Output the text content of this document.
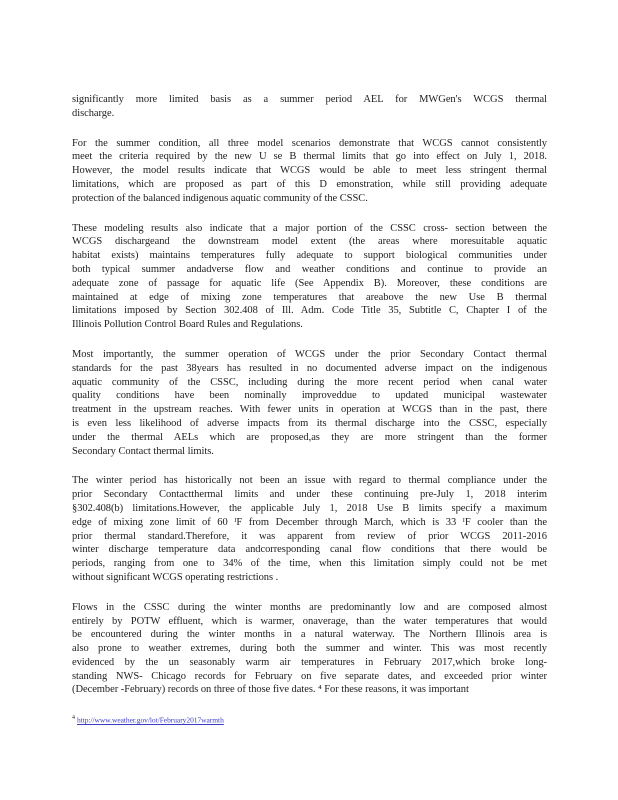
significantly more limited basis as a summer period AEL for MWGen's WCGS thermal
discharge.
For the summer condition, all three model scenarios demonstrate that WCGS cannot consistently
meet the criteria required by the new U se B thermal limits that go into effect on July 1, 2018.
However, the model results indicate that WCGS would be able to meet less stringent thermal
limitations, which are proposed as part of this D emonstration, while still providing adequate
protection of the balanced indigenous aquatic community of the CSSC.
These modeling results also indicate that a major portion of the CSSC cross- section between the
WCGS dischargeand the downstream model extent (the areas where moresuitable aquatic
habitat exists) maintains temperatures fully adequate to support biological communities under
both typical summer andadverse flow and weather conditions and continue to provide an
adequate zone of passage for aquatic life (See Appendix B). Moreover, these conditions are
maintained at edge of mixing zone temperatures that areabove the new Use B thermal
limitations imposed by Section 302.408 of Ill. Adm. Code Title 35, Subtitle C, Chapter I of the
Illinois Pollution Control Board Rules and Regulations.
Most importantly, the summer operation of WCGS under the prior Secondary Contact thermal
standards for the past 38years has resulted in no documented adverse impact on the indigenous
aquatic community of the CSSC, including during the more recent period when canal water
quality conditions have been nominally improveddue to updated municipal wastewater
treatment in the upstream reaches. With fewer units in operation at WCGS than in the past, there
is even less likelihood of adverse impacts from its thermal discharge into the CSSC, especially
under the thermal AELs which are proposed,as they are more stringent than the former
Secondary Contact thermal limits.
The winter period has historically not been an issue with regard to thermal compliance under the
prior Secondary Contactthermal limits and under these continuing pre-July 1, 2018 interim
§302.408(b) limitations.However, the applicable July 1, 2018 Use B limits specify a maximum
edge of mixing zone limit of 60 ᴵF from December through March, which is 33 ᴵF cooler than the
prior thermal standard.Therefore, it was apparent from review of prior WCGS 2011-2016
winter discharge temperature data andcorresponding canal flow conditions that there would be
periods, ranging from one to 34% of the time, when this limitation simply could not be met
without significant WCGS operating restrictions .
Flows in the CSSC during the winter months are predominantly low and are composed almost
entirely by POTW effluent, which is warmer, onaverage, than the water temperatures that would
be encountered during the winter months in a natural waterway. The Northern Illinois area is
also prone to weather extremes, during both the summer and winter. This was most recently
evidenced by the un seasonably warm air temperatures in February 2017,which broke long-
standing NWS- Chicago records for February on five separate dates, and exceeded prior winter
(December -February) records on three of those five dates. ⁴ For these reasons, it was important
$^4$ http://www.weather.gov/lot/February2017warmth
